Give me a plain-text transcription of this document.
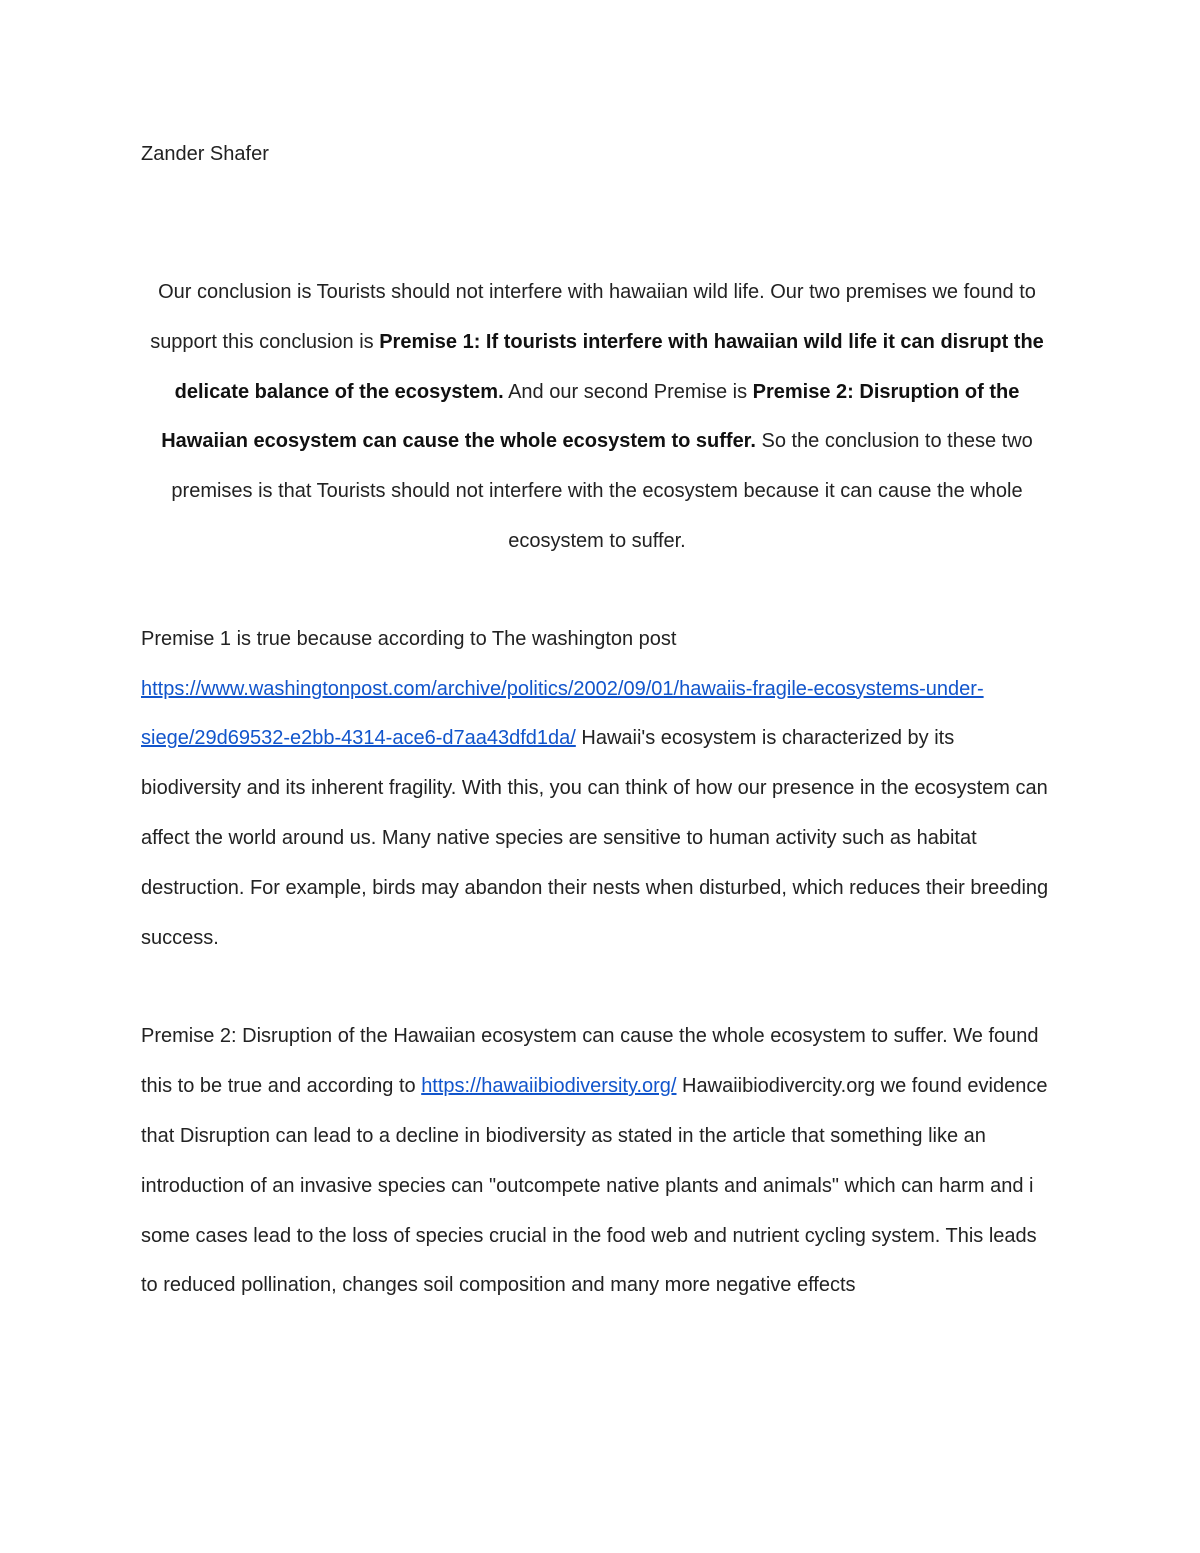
Zander Shafer

Our conclusion is Tourists should not interfere with hawaiian wild life. Our two premises we found to support this conclusion is Premise 1: If tourists interfere with hawaiian wild life it can disrupt the delicate balance of the ecosystem. And our second Premise is Premise 2: Disruption of the Hawaiian ecosystem can cause the whole ecosystem to suffer. So the conclusion to these two premises is that Tourists should not interfere with the ecosystem because it can cause the whole ecosystem to suffer.

Premise 1 is true because according to The washington post https://www.washingtonpost.com/archive/politics/2002/09/01/hawaiis-fragile-ecosystems-under-siege/29d69532-e2bb-4314-ace6-d7aa43dfd1da/ Hawaii's ecosystem is characterized by its biodiversity and its inherent fragility. With this, you can think of how our presence in the ecosystem can affect the world around us. Many native species are sensitive to human activity such as habitat destruction. For example, birds may abandon their nests when disturbed, which reduces their breeding success.

Premise 2: Disruption of the Hawaiian ecosystem can cause the whole ecosystem to suffer. We found this to be true and according to https://hawaiibiodiversity.org/ Hawaiibiodivercity.org we found evidence that Disruption can lead to a decline in biodiversity as stated in the article that something like an introduction of an invasive species can "outcompete native plants and animals" which can harm and i some cases lead to the loss of species crucial in the food web and nutrient cycling system. This leads to reduced pollination, changes soil composition and many more negative effects
